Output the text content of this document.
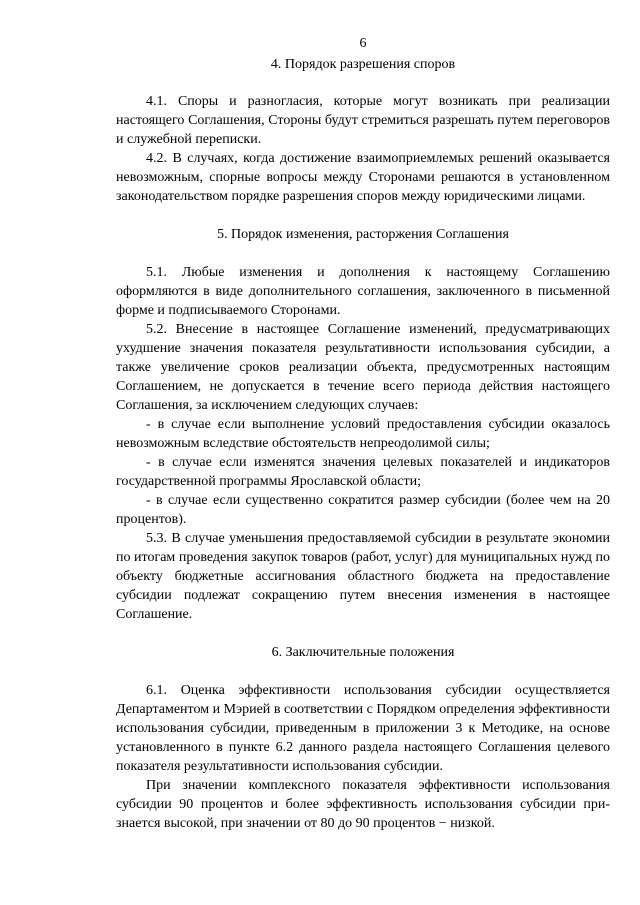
6

4. Порядок разрешения споров

4.1. Споры и разногласия, которые могут возникать при реализации настоящего Соглашения, Стороны будут стремиться разрешать путем переговоров и служебной переписки.

4.2. В случаях, когда достижение взаимоприемлемых решений оказывается невозможным, спорные вопросы между Сторонами решаются в установленном законодательством порядке разрешения споров между юридическими лицами.

5. Порядок изменения, расторжения Соглашения

5.1. Любые изменения и дополнения к настоящему Соглашению оформляются в виде дополнительного соглашения, заключенного в письменной форме и подписываемого Сторонами.

5.2. Внесение в настоящее Соглашение изменений, предусматривающих ухудшение значения показателя результативности использования субсидии, а также увеличение сроков реализации объекта, предусмотренных настоящим Соглашением, не допускается в течение всего периода действия настоящего Соглашения, за исключением следующих случаев:

- в случае если выполнение условий предоставления субсидии оказалось невозможным вследствие обстоятельств непреодолимой силы;

- в случае если изменятся значения целевых показателей и индикаторов государственной программы Ярославской области;

- в случае если существенно сократится размер субсидии (более чем на 20 процентов).

5.3. В случае уменьшения предоставляемой субсидии в результате экономии по итогам проведения закупок товаров (работ, услуг) для муниципальных нужд по объекту бюджетные ассигнования областного бюджета на предоставление субсидии подлежат сокращению путем внесения изменения в настоящее Соглашение.

6. Заключительные положения

6.1. Оценка эффективности использования субсидии осуществляется Департаментом и Мэрией в соответствии с Порядком определения эффективности использования субсидии, приведенным в приложении 3 к Методике, на основе установленного в пункте 6.2 данного раздела настоящего Соглашения целевого показателя результативности использования субсидии.

При значении комплексного показателя эффективности использования субсидии 90 процентов и более эффективность использования субсидии признается высокой, при значении от 80 до 90 процентов − низкой.
